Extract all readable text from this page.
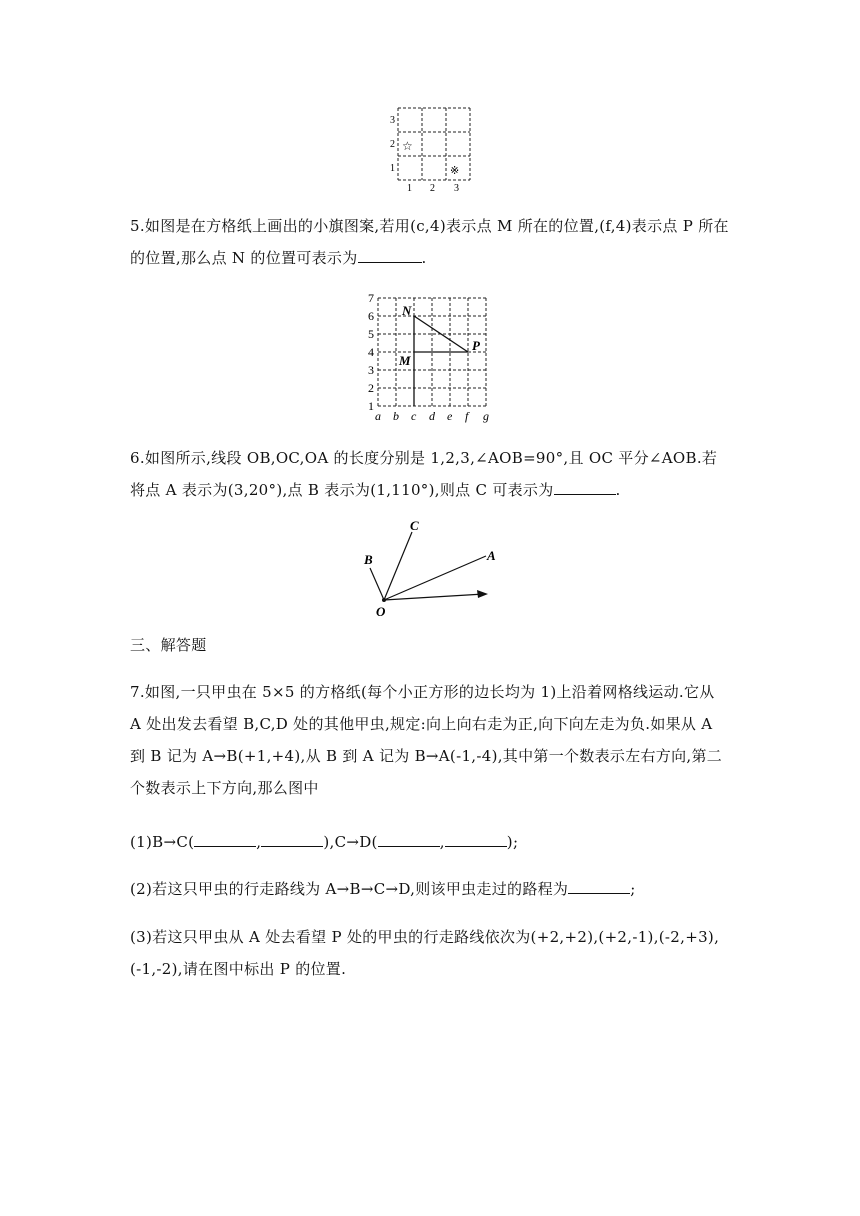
3
2
1
1 2 3
☆
※

5.如图是在方格纸上画出的小旗图案,若用(c,4)表示点 M 所在的位置,(f,4)表示点 P 所在的位置,那么点 N 的位置可表示为	.

7
6
5
4
3
2
1
a b c d e f g
N
M
P

6.如图所示,线段 OB,OC,OA 的长度分别是 1,2,3,∠AOB=90°,且 OC 平分∠AOB.若将点 A 表示为(3,20°),点 B 表示为(1,110°),则点 C 可表示为	.

B
C
A
O

三、解答题

7.如图,一只甲虫在 5×5 的方格纸(每个小正方形的边长均为 1)上沿着网格线运动.它从 A 处出发去看望 B,C,D 处的其他甲虫,规定:向上向右走为正,向下向左走为负.如果从 A 到 B 记为 A→B(+1,+4),从 B 到 A 记为 B→A(-1,-4),其中第一个数表示左右方向,第二个数表示上下方向,那么图中

(1)B→C(	,	),C→D(	,	);

(2)若这只甲虫的行走路线为 A→B→C→D,则该甲虫走过的路程为	;

(3)若这只甲虫从 A 处去看望 P 处的甲虫的行走路线依次为(+2,+2),(+2,-1),(-2,+3),(-1,-2),请在图中标出 P 的位置.
